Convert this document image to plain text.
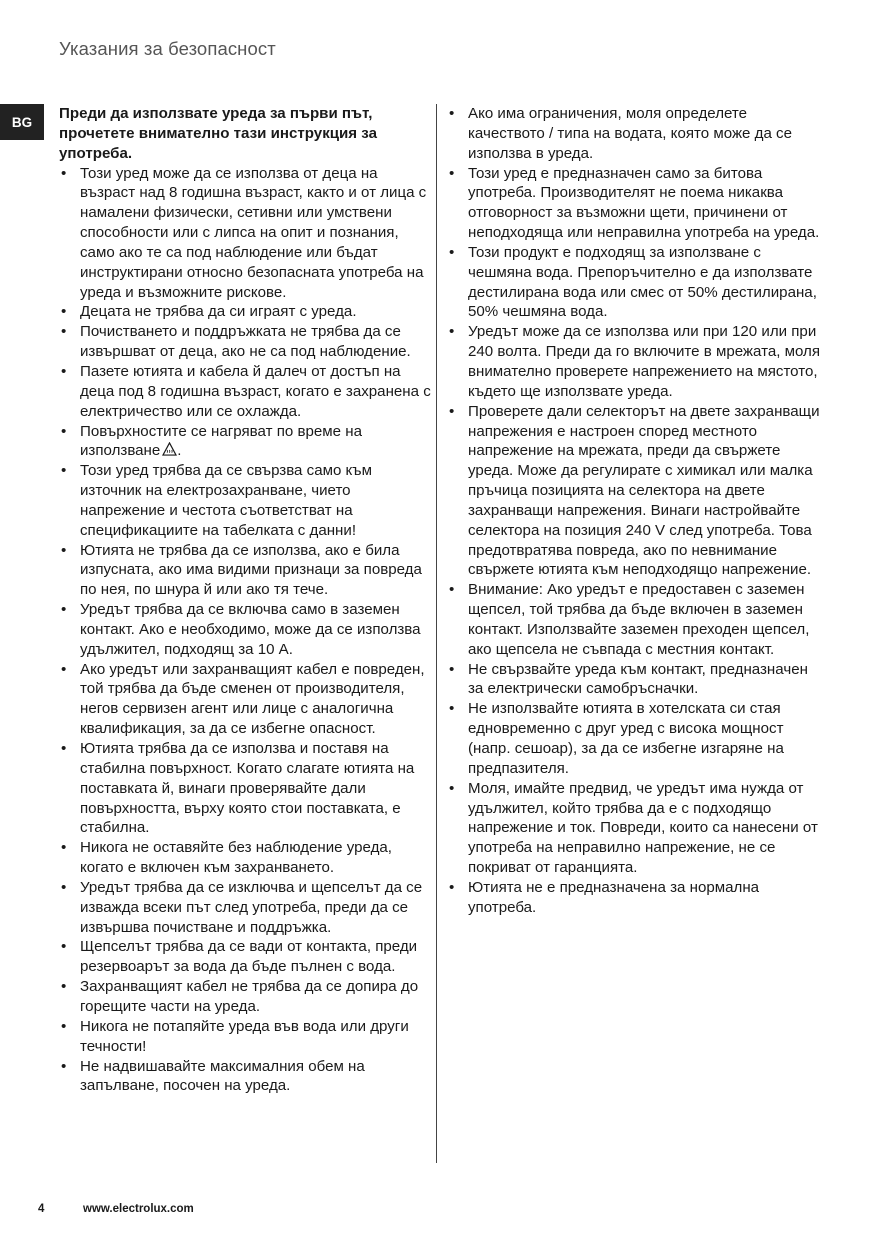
Указания за безопасност
BG	Преди да използвате уреда за първи път, прочетете внимателно тази инструкция за употреба.

• Този уред може да се използва от деца на възраст над 8 годишна възраст, както и от лица с намалени физически, сетивни или умствени способности или с липса на опит и познания, само ако те са под наблюдение или бъдат инструктирани относно безопасната употреба на уреда и възможните рискове.
• Децата не трябва да си играят с уреда.
• Почистването и поддръжката не трябва да се извършват от деца, ако не са под наблюдение.
• Пазете ютията и кабела й далеч от достъп на деца под 8 годишна възраст, когато е захранена с електричество или се охлажда.
• Повърхностите се нагряват по време на използване .
• Този уред трябва да се свързва само към източник на електрозахранване, чието напрежение и честота съответстват на спецификациите на табелката с данни!
• Ютията не трябва да се използва, ако е била изпусната, ако има видими признаци за повреда по нея, по шнура й или ако тя тече.
• Уредът трябва да се включва само в заземен контакт. Ако е необходимо, може да се използва удължител, подходящ за 10 А.
• Ако уредът или захранващият кабел е повреден, той трябва да бъде сменен от производителя, негов сервизен агент или лице с аналогична квалификация, за да се избегне опасност.
• Ютията трябва да се използва и поставя на стабилна повърхност. Когато слагате ютията на поставката й, винаги проверявайте дали повърхността, върху която стои поставката, е стабилна.
• Никога не оставяйте без наблюдение уреда, когато е включен към захранването.
• Уредът трябва да се изключва и щепселът да се изважда всеки път след употреба, преди да се извършва почистване и поддръжка.
• Щепселът трябва да се вади от контакта, преди резервоарът за вода да бъде пълнен с вода.
• Захранващият кабел не трябва да се допира до горещите части на уреда.
• Никога не потапяйте уреда във вода или други течности!
• Не надвишавайте максималния обем на запълване, посочен на уреда.
• Ако има ограничения, моля определете качеството / типа на водата, която може да се използва в уреда.
• Този уред е предназначен само за битова употреба. Производителят не поема никаква отговорност за възможни щети, причинени от неподходяща или неправилна употреба на уреда.
• Този продукт е подходящ за използване с чешмяна вода. Препоръчително е да използвате дестилирана вода или смес от 50% дестилирана, 50% чешмяна вода.
• Уредът може да се използва или при 120 или при 240 волта. Преди да го включите в мрежата, моля внимателно проверете напрежението на мястото, където ще използвате уреда.
• Проверете дали селекторът на двете захранващи напрежения е настроен според местното напрежение на мрежата, преди да свържете уреда. Може да регулирате с химикал или малка пръчица позицията на селектора на двете захранващи напрежения. Винаги настройвайте селектора на позиция 240 V след употреба. Това предотвратява повреда, ако по невнимание свържете ютията към неподходящо напрежение.
• Внимание: Ако уредът е предоставен с заземен щепсел, той трябва да бъде включен в заземен контакт. Използвайте заземен преходен щепсел, ако щепсела не съвпада с местния контакт.
• Не свързвайте уреда към контакт, предназначен за електрически самобръсначки.
• Не използвайте ютията в хотелската си стая едновременно с друг уред с висока мощност (напр. сешоар), за да се избегне изгаряне на предпазителя.
• Моля, имайте предвид, че уредът има нужда от удължител, който трябва да е с подходящо напрежение и ток. Повреди, които са нанесени от употреба на неправилно напрежение, не се покриват от гаранцията.
• Ютията не е предназначена за нормална употреба.
4	www.electrolux.com
